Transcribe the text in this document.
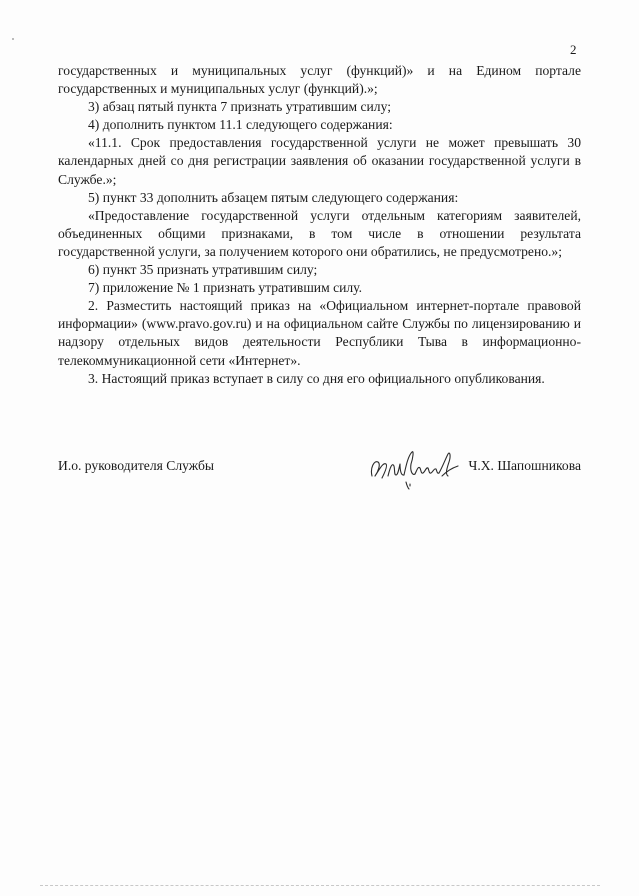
2

государственных и муниципальных услуг (функций)» и на Едином портале государственных и муниципальных услуг (функций).»;

3) абзац пятый пункта 7 признать утратившим силу;

4) дополнить пунктом 11.1 следующего содержания:

«11.1. Срок предоставления государственной услуги не может превышать 30 календарных дней со дня регистрации заявления об оказании государственной услуги в Службе.»;

5) пункт 33 дополнить абзацем пятым следующего содержания:

«Предоставление государственной услуги отдельным категориям заявителей, объединенных общими признаками, в том числе в отношении результата государственной услуги, за получением которого они обратились, не предусмотрено.»;

6) пункт 35 признать утратившим силу;

7) приложение № 1 признать утратившим силу.

2. Разместить настоящий приказ на «Официальном интернет-портале правовой информации» (www.pravo.gov.ru) и на официальном сайте Службы по лицензированию и надзору отдельных видов деятельности Республики Тыва в информационно-телекоммуникационной сети «Интернет».

3. Настоящий приказ вступает в силу со дня его официального опубликования.

И.о. руководителя Службы	Ч.Х. Шапошникова
